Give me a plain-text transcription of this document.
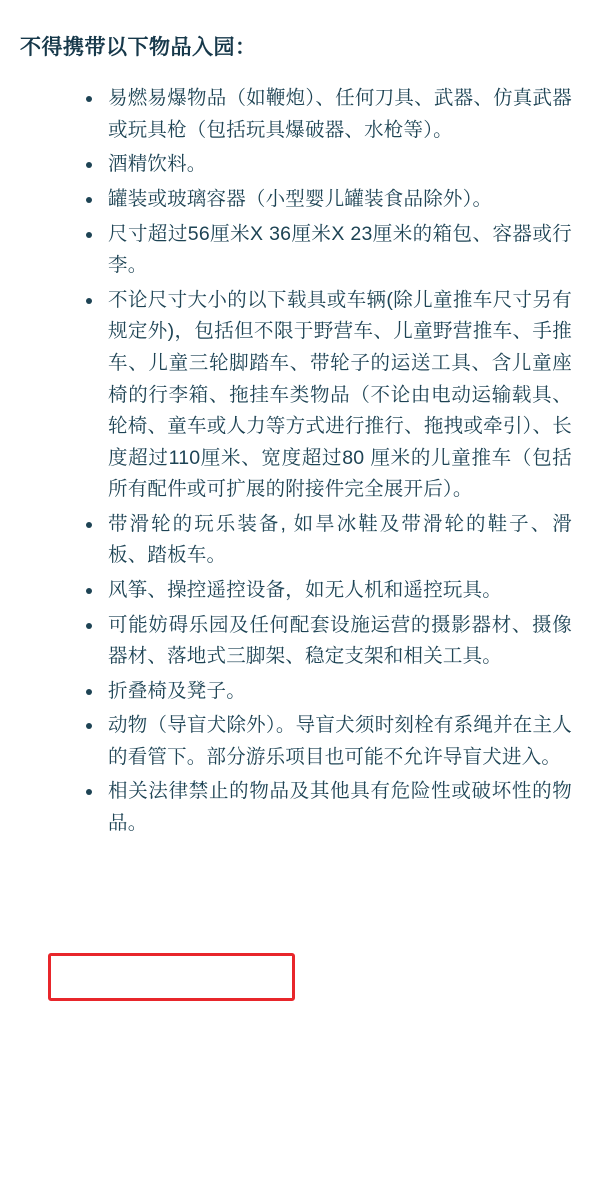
不得携带以下物品入园：
易燃易爆物品（如鞭炮）、任何刀具、武器、仿真武器或玩具枪（包括玩具爆破器、水枪等）。
酒精饮料。
罐装或玻璃容器（小型婴儿罐装食品除外）。
尺寸超过56厘米X 36厘米X 23厘米的箱包、容器或行李。
不论尺寸大小的以下载具或车辆(除儿童推车尺寸另有规定外)，包括但不限于野营车、儿童野营推车、手推车、儿童三轮脚踏车、带轮子的运送工具、含儿童座椅的行李箱、拖挂车类物品（不论由电动运输载具、轮椅、童车或人力等方式进行推行、拖拽或牵引）、长度超过110厘米、宽度超过80 厘米的儿童推车（包括所有配件或可扩展的附接件完全展开后）。
带滑轮的玩乐装备, 如旱冰鞋及带滑轮的鞋子、滑板、踏板车。
风筝、操控遥控设备，如无人机和遥控玩具。
可能妨碍乐园及任何配套设施运营的摄影器材、摄像器材、落地式三脚架、稳定支架和相关工具。
折叠椅及凳子。
动物（导盲犬除外）。导盲犬须时刻栓有系绳并在主人的看管下。部分游乐项目也可能不允许导盲犬进入。
相关法律禁止的物品及其他具有危险性或破坏性的物品。
